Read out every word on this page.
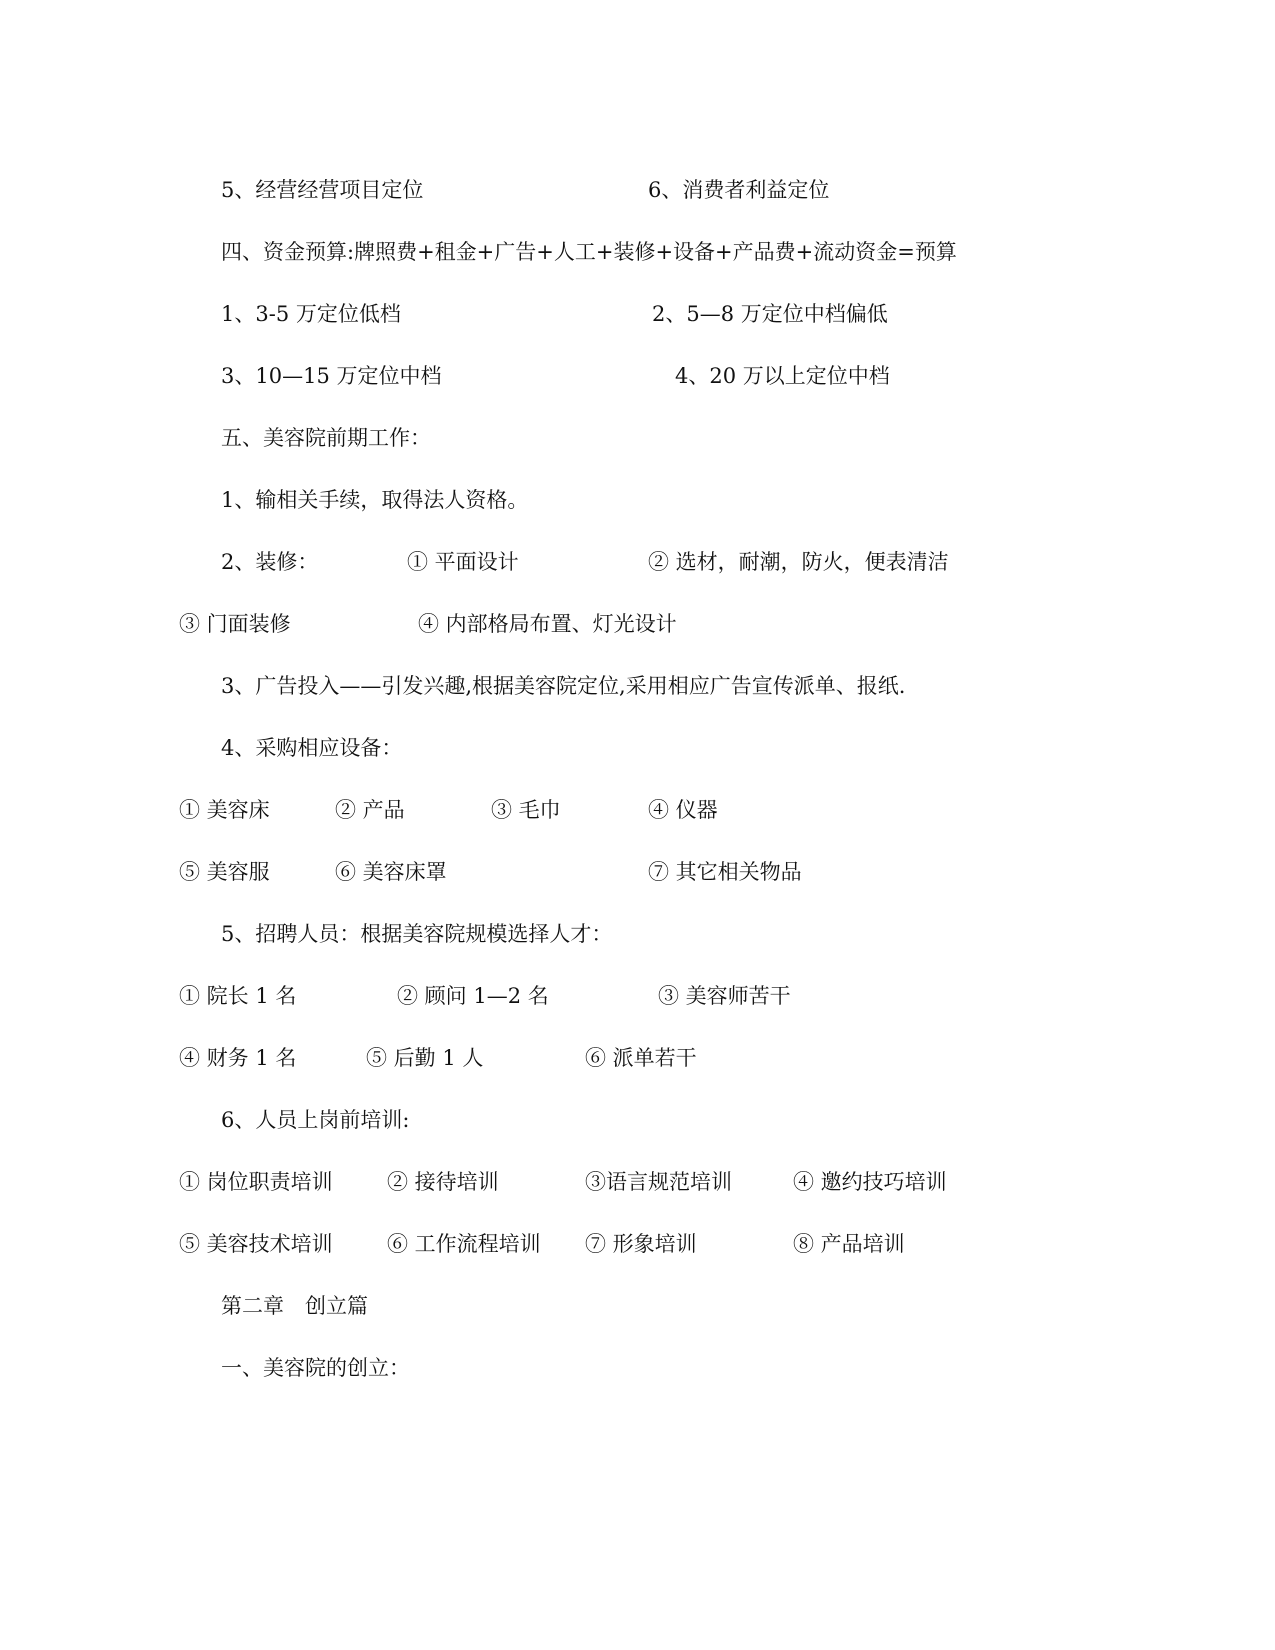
5、经营经营项目定位	6、消费者利益定位
四、资金预算:牌照费+租金+广告+人工+装修+设备+产品费+流动资金=预算
1、3-5 万定位低档	2、5—8 万定位中档偏低
3、10—15 万定位中档	4、20 万以上定位中档
五、美容院前期工作：
1、输相关手续，取得法人资格。
2、装修：	① 平面设计	② 选材，耐潮，防火，便表清洁
③ 门面装修	④ 内部格局布置、灯光设计
3、广告投入——引发兴趣,根据美容院定位,采用相应广告宣传派单、报纸.
4、采购相应设备：
① 美容床	② 产品	③ 毛巾	④ 仪器
⑤ 美容服	⑥ 美容床罩	⑦ 其它相关物品
5、招聘人员：根据美容院规模选择人才：
① 院长 1 名	② 顾问 1—2 名	③ 美容师苦干
④ 财务 1 名	⑤ 后勤 1 人	⑥ 派单若干
6、人员上岗前培训:
① 岗位职责培训	② 接待培训	③语言规范培训	④ 邀约技巧培训
⑤ 美容技术培训	⑥ 工作流程培训 ⑦ 形象培训	⑧ 产品培训
第二章　创立篇
一、美容院的创立：
